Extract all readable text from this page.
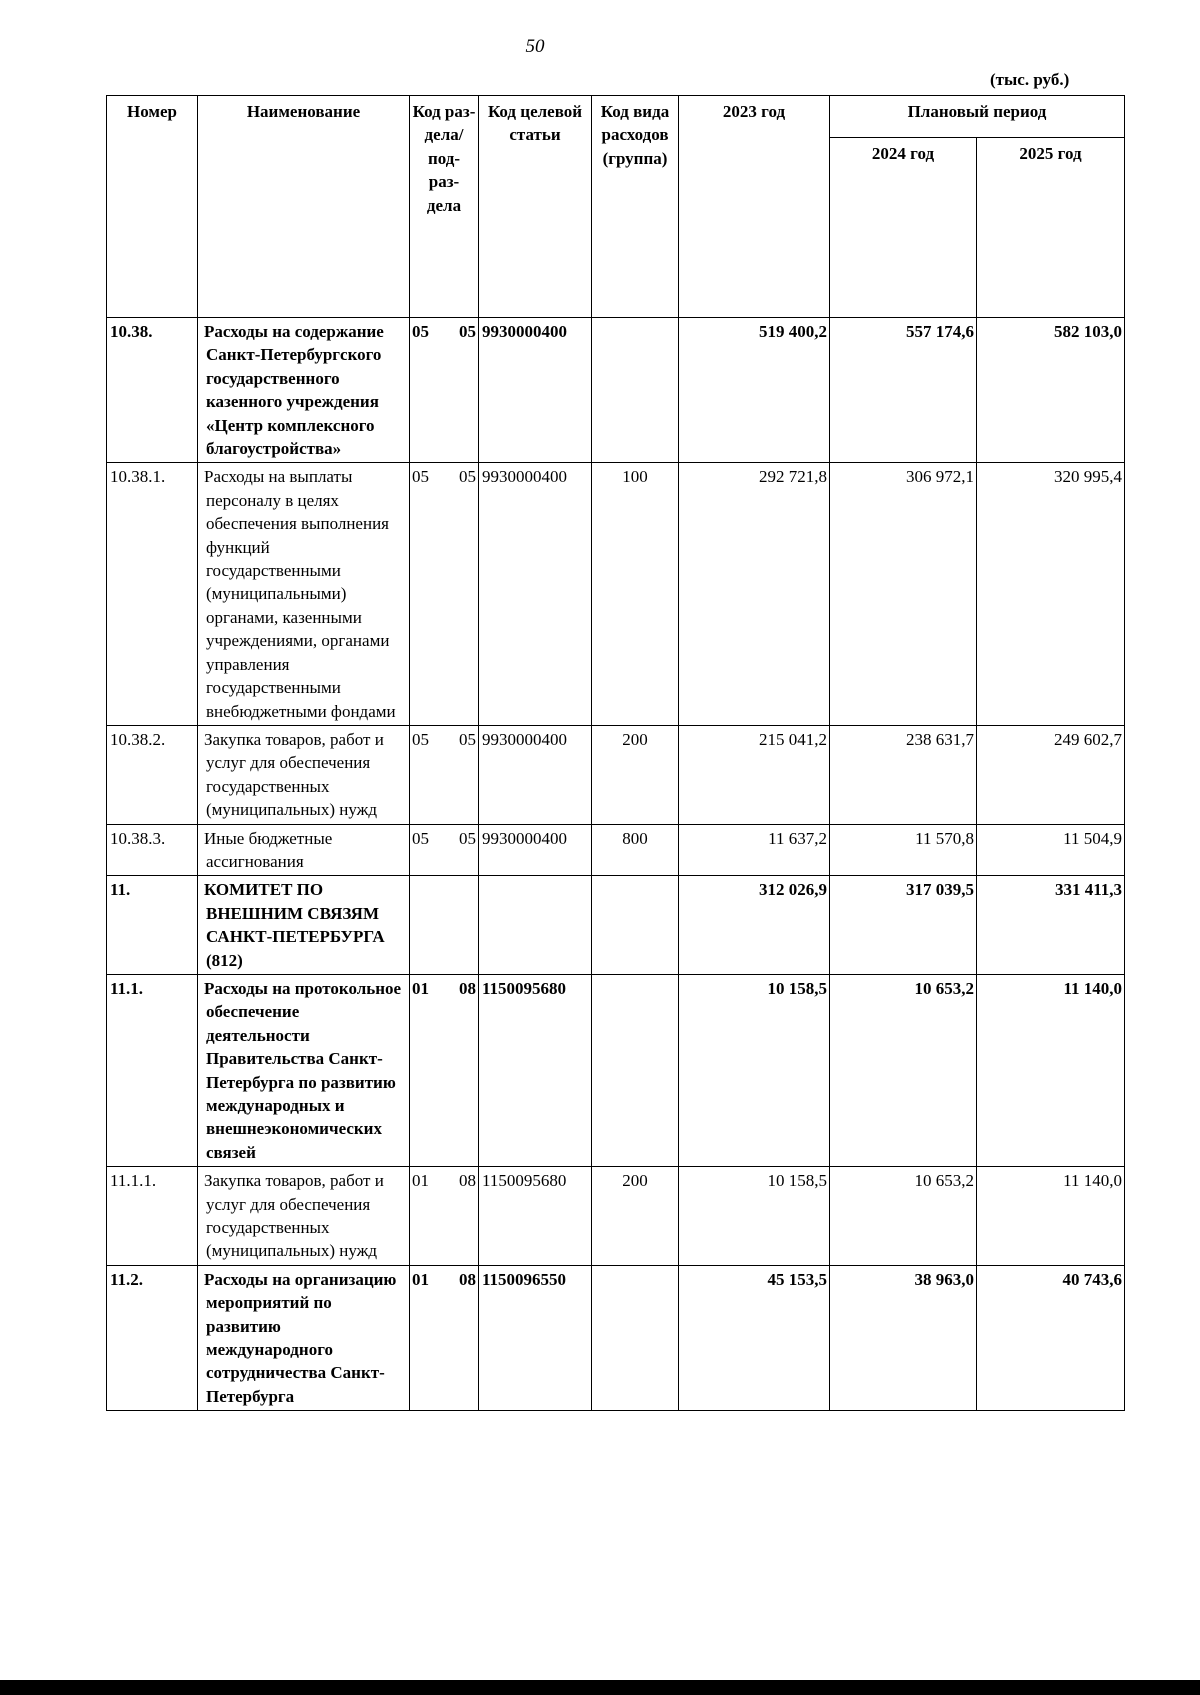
50
(тыс. руб.)
Номер	Наименование	Код раз- дела/ под- раз- дела	Код целевой статьи	Код вида расходов (группа)	2023 год	Плановый период	
						2024 год	2025 год
10.38.	Расходы на содержание Санкт-Петербургского государственного казенного учреждения «Центр комплексного благоустройства»	05 05	9930000400		519 400,2	557 174,6	582 103,0
10.38.1.	Расходы на выплаты персоналу в целях обеспечения выполнения функций государственными (муниципальными) органами, казенными учреждениями, органами управления государственными внебюджетными фондами	05 05	9930000400	100	292 721,8	306 972,1	320 995,4
10.38.2.	Закупка товаров, работ и услуг для обеспечения государственных (муниципальных) нужд	05 05	9930000400	200	215 041,2	238 631,7	249 602,7
10.38.3.	Иные бюджетные ассигнования	05 05	9930000400	800	11 637,2	11 570,8	11 504,9
11.	КОМИТЕТ ПО ВНЕШНИМ СВЯЗЯМ САНКТ-ПЕТЕРБУРГА (812)				312 026,9	317 039,5	331 411,3
11.1.	Расходы на протокольное обеспечение деятельности Правительства Санкт-Петербурга по развитию международных и внешнеэкономических связей	01 08	1150095680		10 158,5	10 653,2	11 140,0
11.1.1.	Закупка товаров, работ и услуг для обеспечения государственных (муниципальных) нужд	01 08	1150095680	200	10 158,5	10 653,2	11 140,0
11.2.	Расходы на организацию мероприятий по развитию международного сотрудничества Санкт-Петербурга	01 08	1150096550		45 153,5	38 963,0	40 743,6
